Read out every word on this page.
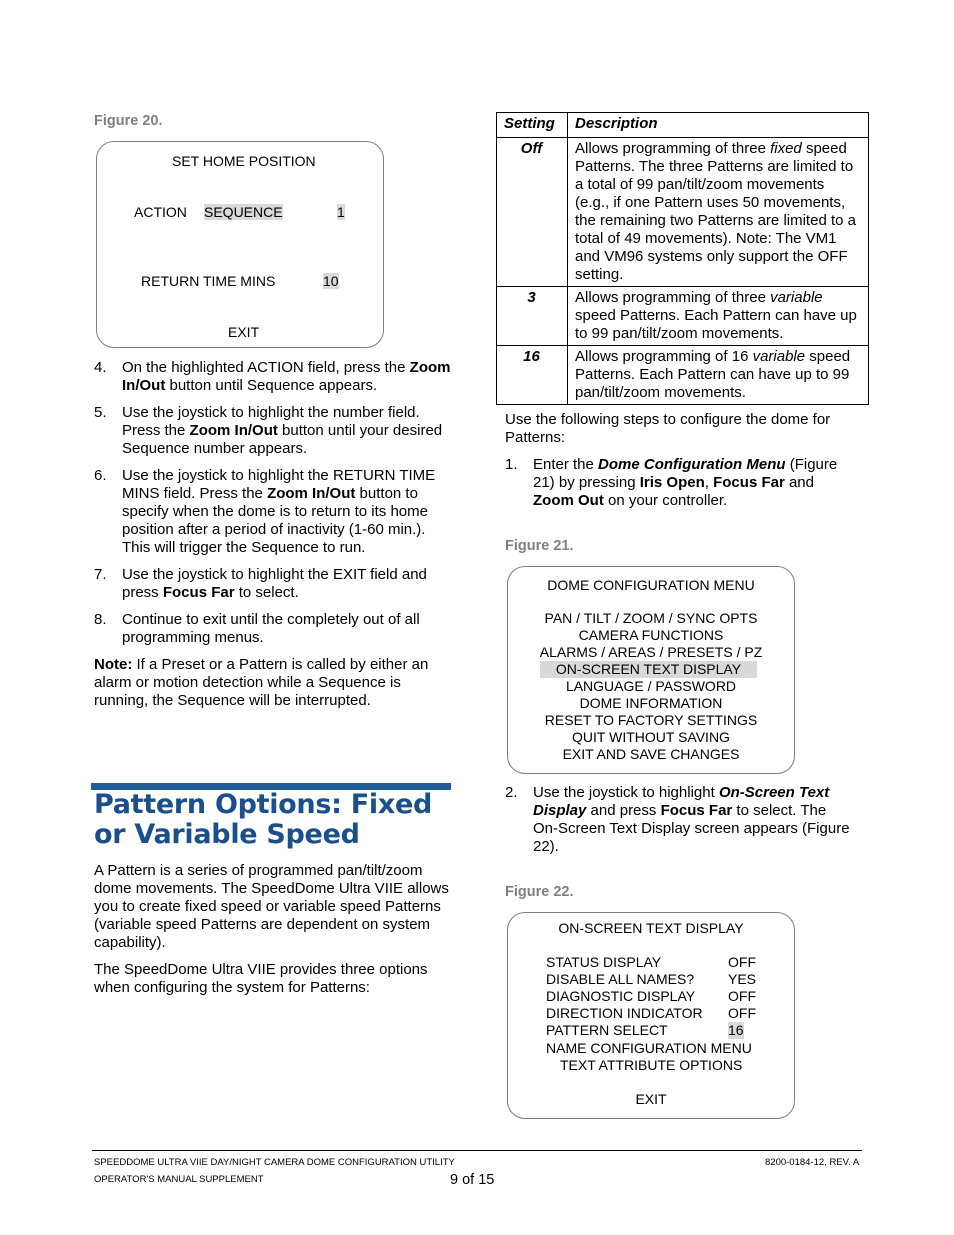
Figure 20.
SET HOME POSITION
ACTION SEQUENCE	1
RETURN TIME MINS	10
EXIT
4. On the highlighted ACTION field, press the Zoom In/Out button until Sequence appears.
5. Use the joystick to highlight the number field. Press the Zoom In/Out button until your desired Sequence number appears.
6. Use the joystick to highlight the RETURN TIME MINS field. Press the Zoom In/Out button to specify when the dome is to return to its home position after a period of inactivity (1-60 min.). This will trigger the Sequence to run.
7. Use the joystick to highlight the EXIT field and press Focus Far to select.
8. Continue to exit until the completely out of all programming menus.
Note: If a Preset or a Pattern is called by either an alarm or motion detection while a Sequence is running, the Sequence will be interrupted.
Pattern Options: Fixed or Variable Speed
A Pattern is a series of programmed pan/tilt/zoom dome movements. The SpeedDome Ultra VIIE allows you to create fixed speed or variable speed Patterns (variable speed Patterns are dependent on system capability).
The SpeedDome Ultra VIIE provides three options when configuring the system for Patterns:
Setting	Description
Off	Allows programming of three fixed speed Patterns. The three Patterns are limited to a total of 99 pan/tilt/zoom movements (e.g., if one Pattern uses 50 movements, the remaining two Patterns are limited to a total of 49 movements). Note: The VM1 and VM96 systems only support the OFF setting.
3	Allows programming of three variable speed Patterns. Each Pattern can have up to 99 pan/tilt/zoom movements.
16	Allows programming of 16 variable speed Patterns. Each Pattern can have up to 99 pan/tilt/zoom movements.
Use the following steps to configure the dome for Patterns:
1. Enter the Dome Configuration Menu (Figure 21) by pressing Iris Open, Focus Far and Zoom Out on your controller.
Figure 21.
DOME CONFIGURATION MENU
PAN / TILT / ZOOM / SYNC OPTS
CAMERA FUNCTIONS
ALARMS / AREAS / PRESETS / PZ
ON-SCREEN TEXT DISPLAY
LANGUAGE / PASSWORD
DOME INFORMATION
RESET TO FACTORY SETTINGS
QUIT WITHOUT SAVING
EXIT AND SAVE CHANGES
2. Use the joystick to highlight On-Screen Text Display and press Focus Far to select. The On-Screen Text Display screen appears (Figure 22).
Figure 22.
ON-SCREEN TEXT DISPLAY
STATUS DISPLAY	OFF
DISABLE ALL NAMES? YES
DIAGNOSTIC DISPLAY OFF
DIRECTION INDICATOR OFF
PATTERN SELECT	16
NAME CONFIGURATION MENU
TEXT ATTRIBUTE OPTIONS
EXIT
SPEEDDOME ULTRA VIIE DAY/NIGHT CAMERA DOME CONFIGURATION UTILITY
OPERATOR'S MANUAL SUPPLEMENT	9 of 15
8200-0184-12, REV. A
